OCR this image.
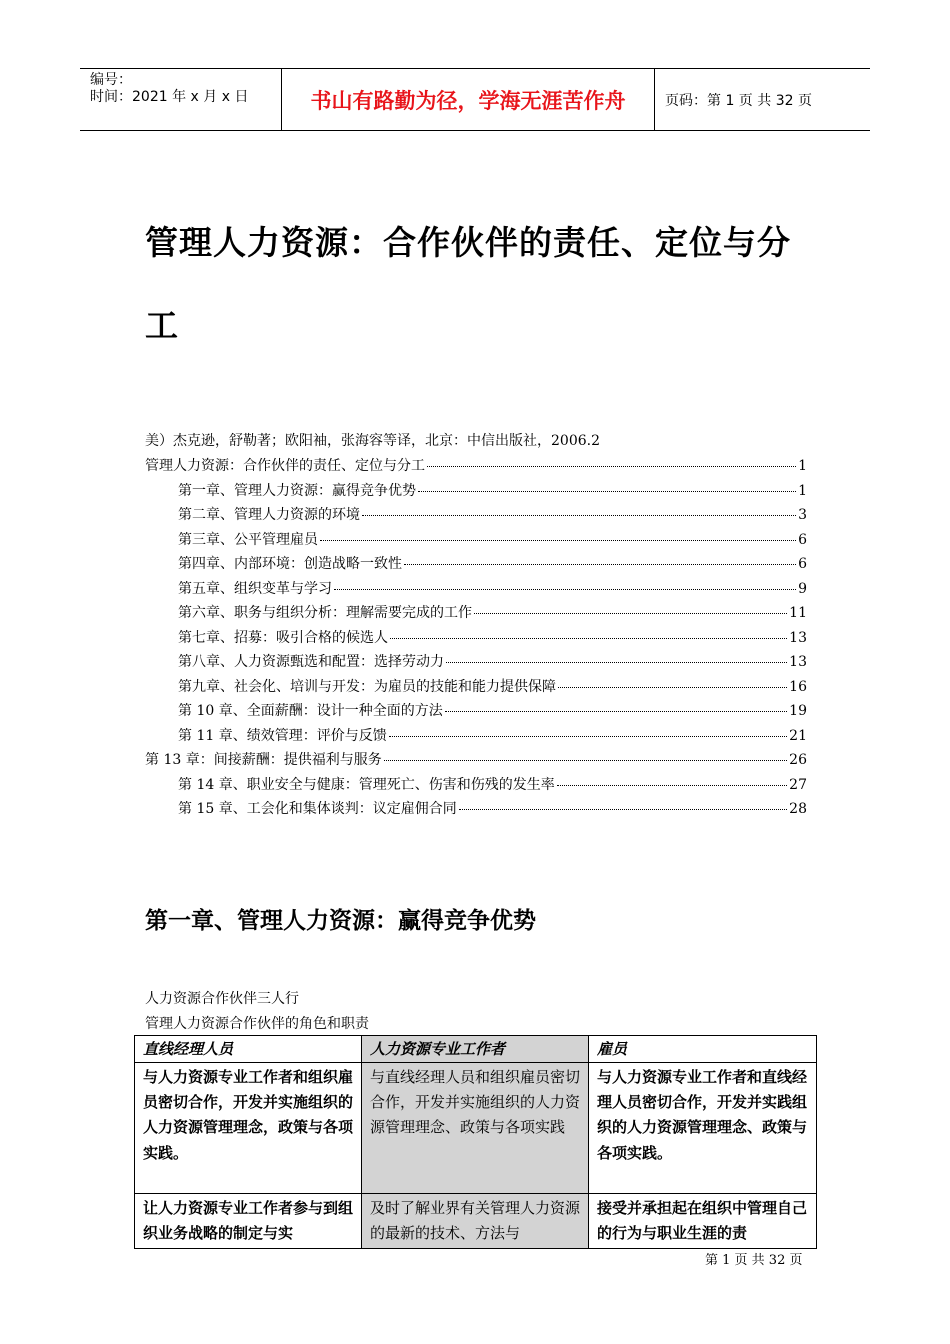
编号：
时间：2021 年 x 月 x 日	书山有路勤为径，学海无涯苦作舟	页码：第 1 页 共 32 页
管理人力资源：合作伙伴的责任、定位与分
工
美）杰克逊，舒勒著；欧阳袖，张海容等译，北京：中信出版社，2006.2
管理人力资源：合作伙伴的责任、定位与分工	1
第一章、管理人力资源：赢得竞争优势	1
第二章、管理人力资源的环境	3
第三章、公平管理雇员	6
第四章、内部环境：创造战略一致性	6
第五章、组织变革与学习	9
第六章、职务与组织分析：理解需要完成的工作	11
第七章、招募：吸引合格的候选人	13
第八章、人力资源甄选和配置：选择劳动力	13
第九章、社会化、培训与开发：为雇员的技能和能力提供保障	16
第 10 章、全面薪酬：设计一种全面的方法	19
第 11 章、绩效管理：评价与反馈	21
第 13 章：间接薪酬：提供福利与服务	26
第 14 章、职业安全与健康：管理死亡、伤害和伤残的发生率	27
第 15 章、工会化和集体谈判：议定雇佣合同	28
第一章、管理人力资源：赢得竞争优势
人力资源合作伙伴三人行
管理人力资源合作伙伴的角色和职责
直线经理人员	人力资源专业工作者	雇员
与人力资源专业工作者和组织雇员密切合作，开发并实施组织的人力资源管理理念，政策与各项实践。	与直线经理人员和组织雇员密切合作，开发并实施组织的人力资源管理理念、政策与各项实践	与人力资源专业工作者和直线经理人员密切合作，开发并实践组织的人力资源管理理念、政策与各项实践。

让人力资源专业工作者参与到组织业务战略的制定与实	及时了解业界有关管理人力资源的最新的技术、方法与	接受并承担起在组织中管理自己的行为与职业生涯的责
第 1 页 共 32 页
